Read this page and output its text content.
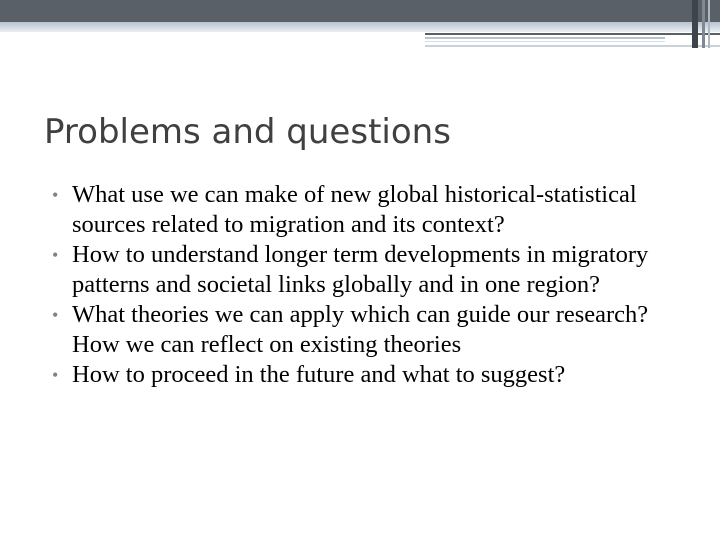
Problems and questions
• What use we can make of new global historical-statistical sources related to migration and its context?
• How to understand longer term developments in migratory patterns and societal links globally and in one region?
• What theories we can apply which can guide our research? How we can reflect on existing theories
• How to proceed in the future and what to suggest?
